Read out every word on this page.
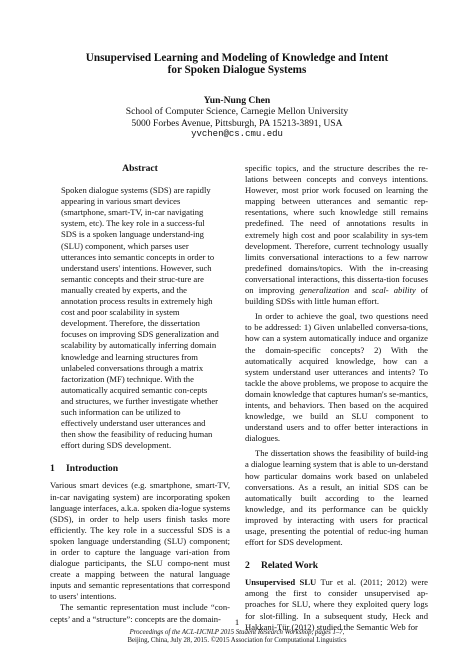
Unsupervised Learning and Modeling of Knowledge and Intent
for Spoken Dialogue Systems
Yun-Nung Chen
School of Computer Science, Carnegie Mellon University
5000 Forbes Avenue, Pittsburgh, PA 15213-3891, USA
yvchen@cs.cmu.edu
Abstract

Spoken dialogue systems (SDS) are rapidly appearing in various smart devices (smartphone, smart-TV, in-car navigating system, etc). The key role in a success-ful SDS is a spoken language understand-ing (SLU) component, which parses user utterances into semantic concepts in order to understand users' intentions. However, such semantic concepts and their struc-ture are manually created by experts, and the annotation process results in extremely high cost and poor scalability in system development. Therefore, the dissertation focuses on improving SDS generalization and scalability by automatically inferring domain knowledge and learning structures from unlabeled conversations through a matrix factorization (MF) technique. With the automatically acquired semantic con-cepts and structures, we further investigate whether such information can be utilized to effectively understand user utterances and then show the feasibility of reducing human effort during SDS development.

1 Introduction

Various smart devices (e.g. smartphone, smart-TV, in-car navigating system) are incorporating spoken language interfaces, a.k.a. spoken dia-logue systems (SDS), in order to help users finish tasks more efficiently. The key role in a successful SDS is a spoken language understanding (SLU) component; in order to capture the language vari-ation from dialogue participants, the SLU compo-nent must create a mapping between the natural language inputs and semantic representations that correspond to users' intentions.

The semantic representation must include “con-cepts’ and a “structure”: concepts are the domain-

specific topics, and the structure describes the re-lations between concepts and conveys intentions. However, most prior work focused on learning the mapping between utterances and semantic rep-resentations, where such knowledge still remains predefined. The need of annotations results in extremely high cost and poor scalability in sys-tem development. Therefore, current technology usually limits conversational interactions to a few narrow predefined domains/topics. With the in-creasing conversational interactions, this disserta-tion focuses on improving generalization and scal- ability of building SDSs with little human effort.

In order to achieve the goal, two questions need to be addressed: 1) Given unlabelled conversa-tions, how can a system automatically induce and organize the domain-specific concepts? 2) With the automatically acquired knowledge, how can a system understand user utterances and intents? To tackle the above problems, we propose to acquire the domain knowledge that captures human's se-mantics, intents, and behaviors. Then based on the acquired knowledge, we build an SLU component to understand users and to offer better interactions in dialogues.

The dissertation shows the feasibility of build-ing a dialogue learning system that is able to un-derstand how particular domains work based on unlabeled conversations. As a result, an initial SDS can be automatically built according to the learned knowledge, and its performance can be quickly improved by interacting with users for practical usage, presenting the potential of reduc-ing human effort for SDS development.

2 Related Work

Unsupervised SLU Tur et al. (2011; 2012) were among the first to consider unsupervised ap-proaches for SLU, where they exploited query logs for slot-filling. In a subsequent study, Heck and Hakkani-Tür (2012) studied the Semantic Web for

1
Proceedings of the ACL-IJCNLP 2015 Student Research Workshop, pages 1–7,
Beijing, China, July 28, 2015. ©2015 Association for Computational Linguistics
